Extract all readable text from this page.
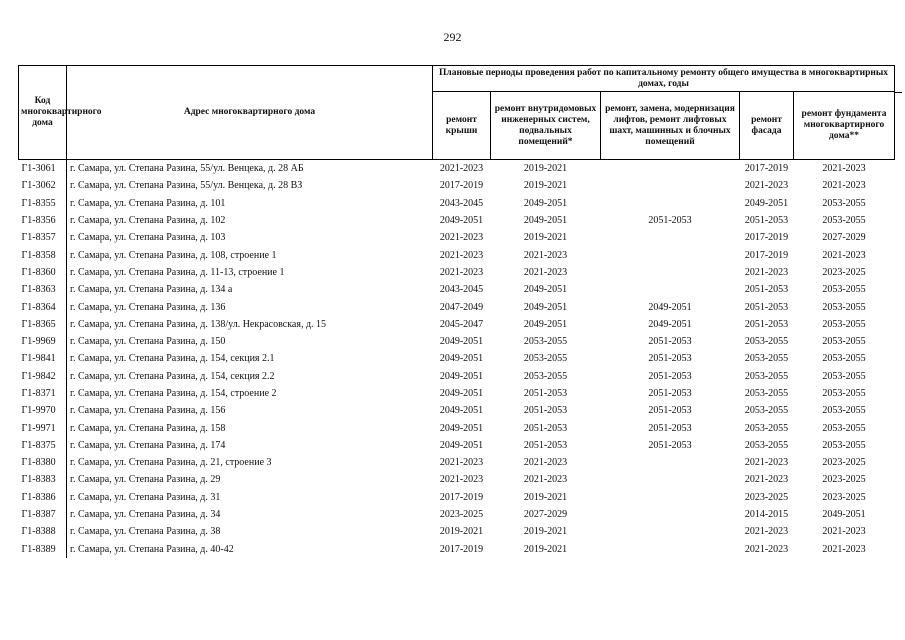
292
Код многоквартирного дома	Адрес многоквартирного дома	Плановые периоды проведения работ по капитальному ремонту общего имущества в многоквартирных домах, годы				
		ремонт крыши	ремонт внутридомовых инженерных систем, подвальных помещений*	ремонт, замена, модернизация лифтов, ремонт лифтовых шахт, машинных и блочных помещений	ремонт фасада	ремонт фундамента многоквартирного дома**
Г1-3061	г. Самара, ул. Степана Разина, 55/ул. Венцека, д. 28 АБ	2021-2023	2019-2021		2017-2019	2021-2023
Г1-3062	г. Самара, ул. Степана Разина, 55/ул. Венцека, д. 28 ВЗ	2017-2019	2019-2021		2021-2023	2021-2023
Г1-8355	г. Самара, ул. Степана Разина, д. 101	2043-2045	2049-2051		2049-2051	2053-2055
Г1-8356	г. Самара, ул. Степана Разина, д. 102	2049-2051	2049-2051	2051-2053	2051-2053	2053-2055
Г1-8357	г. Самара, ул. Степана Разина, д. 103	2021-2023	2019-2021		2017-2019	2027-2029
Г1-8358	г. Самара, ул. Степана Разина, д. 108, строение 1	2021-2023	2021-2023		2017-2019	2021-2023
Г1-8360	г. Самара, ул. Степана Разина, д. 11-13, строение 1	2021-2023	2021-2023		2021-2023	2023-2025
Г1-8363	г. Самара, ул. Степана Разина, д. 134 а	2043-2045	2049-2051		2051-2053	2053-2055
Г1-8364	г. Самара, ул. Степана Разина, д. 136	2047-2049	2049-2051	2049-2051	2051-2053	2053-2055
Г1-8365	г. Самара, ул. Степана Разина, д. 138/ул. Некрасовская, д. 15	2045-2047	2049-2051	2049-2051	2051-2053	2053-2055
Г1-9969	г. Самара, ул. Степана Разина, д. 150	2049-2051	2053-2055	2051-2053	2053-2055	2053-2055
Г1-9841	г. Самара, ул. Степана Разина, д. 154, секция 2.1	2049-2051	2053-2055	2051-2053	2053-2055	2053-2055
Г1-9842	г. Самара, ул. Степана Разина, д. 154, секция 2.2	2049-2051	2053-2055	2051-2053	2053-2055	2053-2055
Г1-8371	г. Самара, ул. Степана Разина, д. 154, строение 2	2049-2051	2051-2053	2051-2053	2053-2055	2053-2055
Г1-9970	г. Самара, ул. Степана Разина, д. 156	2049-2051	2051-2053	2051-2053	2053-2055	2053-2055
Г1-9971	г. Самара, ул. Степана Разина, д. 158	2049-2051	2051-2053	2051-2053	2053-2055	2053-2055
Г1-8375	г. Самара, ул. Степана Разина, д. 174	2049-2051	2051-2053	2051-2053	2053-2055	2053-2055
Г1-8380	г. Самара, ул. Степана Разина, д. 21, строение 3	2021-2023	2021-2023		2021-2023	2023-2025
Г1-8383	г. Самара, ул. Степана Разина, д. 29	2021-2023	2021-2023		2021-2023	2023-2025
Г1-8386	г. Самара, ул. Степана Разина, д. 31	2017-2019	2019-2021		2023-2025	2023-2025
Г1-8387	г. Самара, ул. Степана Разина, д. 34	2023-2025	2027-2029		2014-2015	2049-2051
Г1-8388	г. Самара, ул. Степана Разина, д. 38	2019-2021	2019-2021		2021-2023	2021-2023
Г1-8389	г. Самара, ул. Степана Разина, д. 40-42	2017-2019	2019-2021		2021-2023	2021-2023
